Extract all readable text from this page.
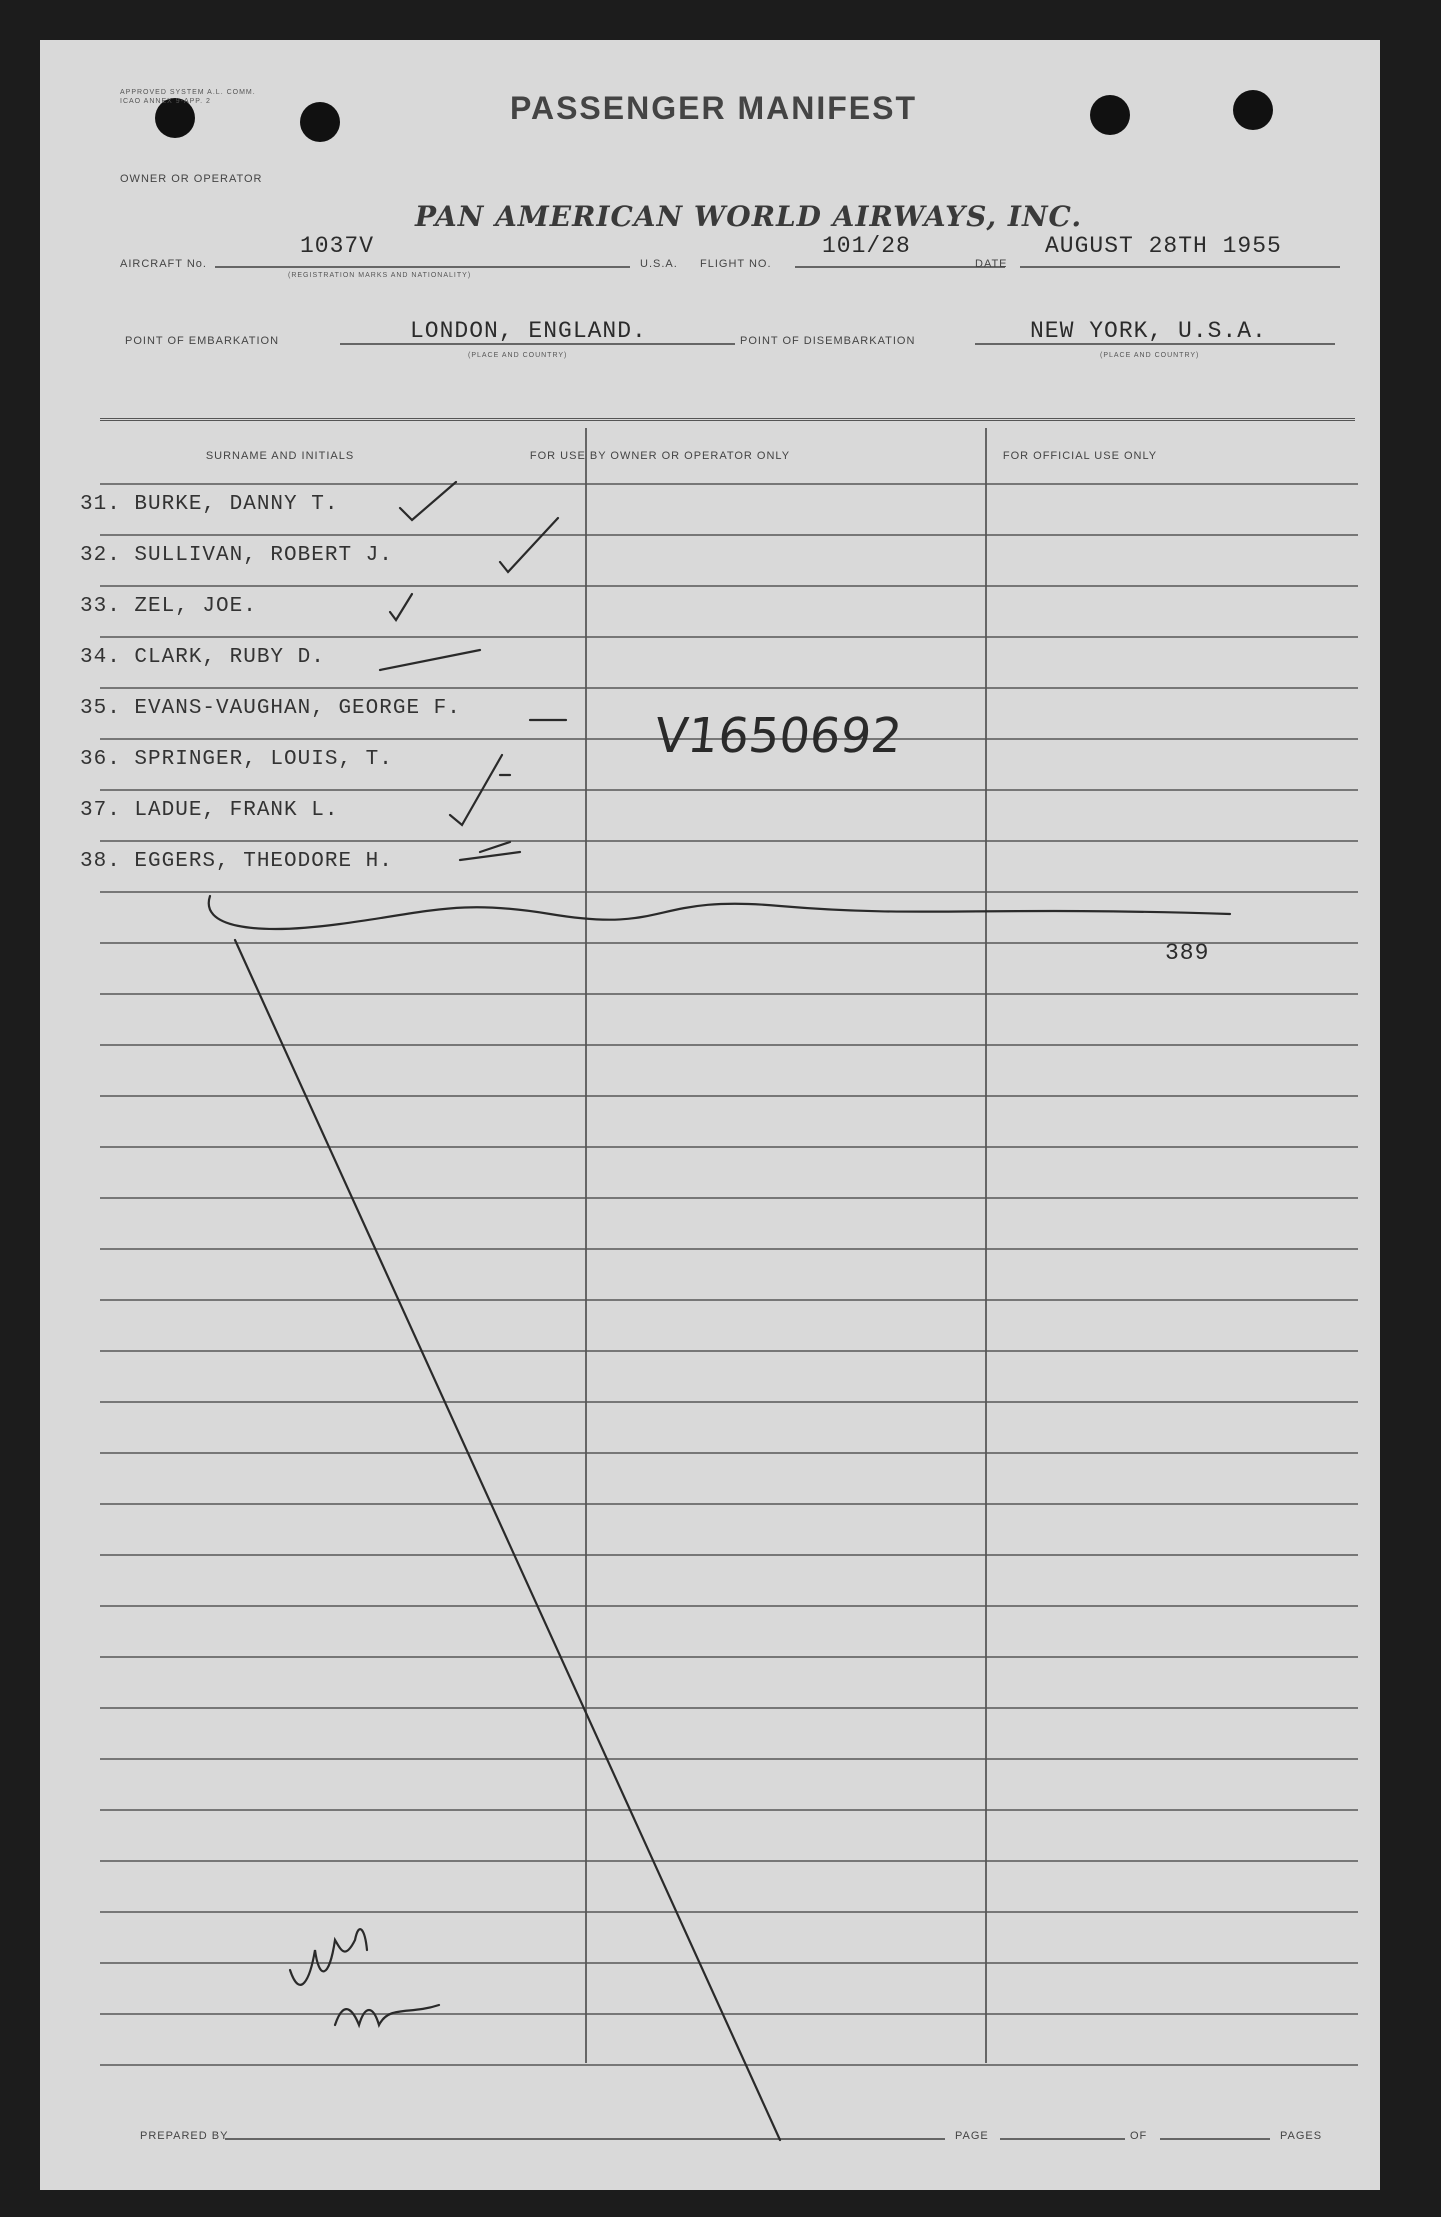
APPROVED SYSTEM A.L. COMM. ICAO ANNEX 9-APP. 2	PASSENGER MANIFEST
OWNER OR OPERATOR
PAN AMERICAN WORLD AIRWAYS, INC.
AIRCRAFT No.
1037V
(REGISTRATION MARKS AND NATIONALITY)
U.S.A. FLIGHT NO.
101/28
DATE
AUGUST 28TH 1955
POINT OF EMBARKATION	LONDON, ENGLAND.
(PLACE AND COUNTRY)
POINT OF DISEMBARKATION	NEW YORK, U.S.A.
(PLACE AND COUNTRY)
SURNAME AND INITIALS	FOR USE BY OWNER OR OPERATOR ONLY	FOR OFFICIAL USE ONLY
31. BURKE, DANNY T.
32. SULLIVAN, ROBERT J.
33. ZEL, JOE.
34. CLARK, RUBY D.
35. EVANS-VAUGHAN, GEORGE F.
36. SPRINGER, LOUIS, T.
37. LADUE, FRANK L.
38. EGGERS, THEODORE H.
V1650692
389
PREPARED BY	PAGE	OF	PAGES
